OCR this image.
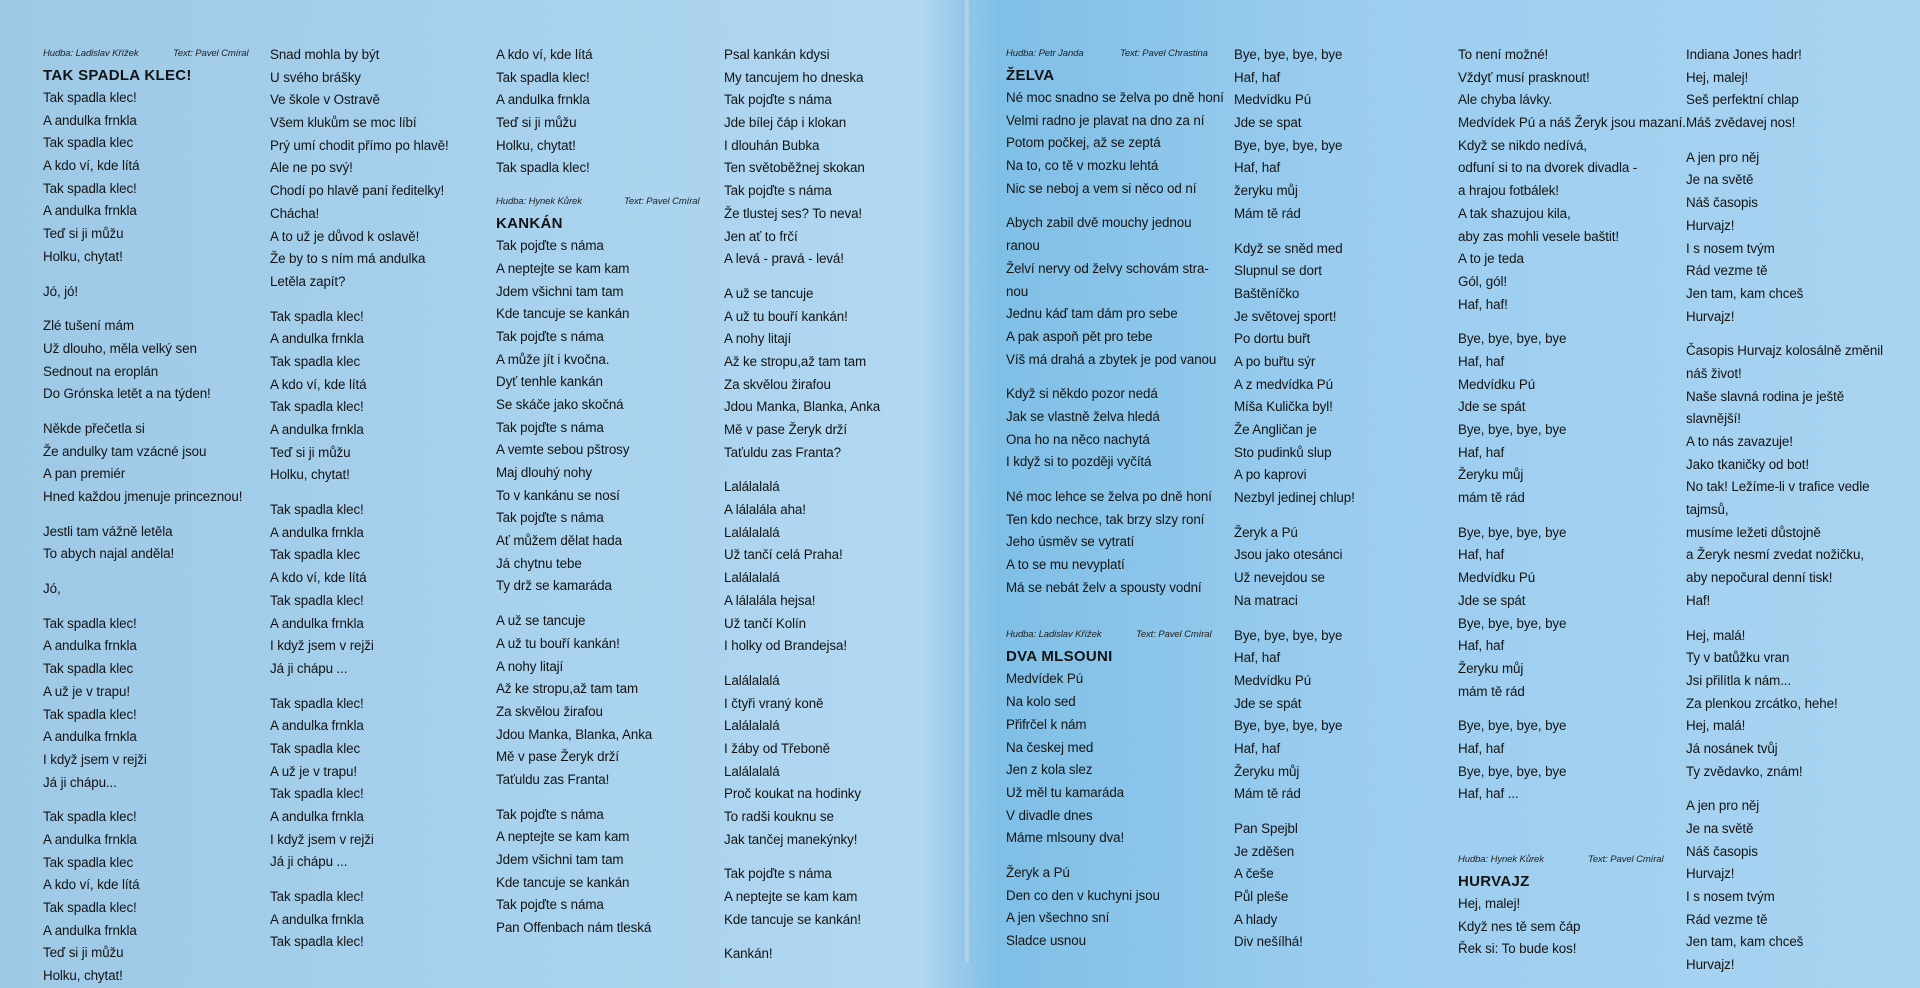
Hudba: Ladislav Křížek	Text: Pavel Cmíral
TAK SPADLA KLEC!
Tak spadla klec!
A andulka frnkla
Tak spadla klec
A kdo ví, kde lítá
Tak spadla klec!
A andulka frnkla
Teď si ji můžu
Holku, chytat!
Jó, jó!
Zlé tušení mám
Už dlouho, měla velký sen
Sednout na eroplán
Do Grónska letět a na týden!
Někde přečetla si
Že andulky tam vzácné jsou
A pan premiér
Hned každou jmenuje princeznou!
Jestli tam vážně letěla
To abych najal anděla!
Jó,
Tak spadla klec!
A andulka frnkla
Tak spadla klec
A už je v trapu!
Tak spadla klec!
A andulka frnkla
I když jsem v rejži
Já ji chápu...
Tak spadla klec!
A andulka frnkla
Tak spadla klec
A kdo ví, kde lítá
Tak spadla klec!
A andulka frnkla
Teď si ji můžu
Holku, chytat!
Snad mohla by být
U svého brášky
Ve škole v Ostravě
Všem klukům se moc líbí
Prý umí chodit přímo po hlavě!
Ale ne po svý!
Chodí po hlavě paní ředitelky!
Chácha!
A to už je důvod k oslavě!
Že by to s ním má andulka
Letěla zapít?
Tak spadla klec!
A andulka frnkla
Tak spadla klec
A kdo ví, kde lítá
Tak spadla klec!
A andulka frnkla
Teď si ji můžu
Holku, chytat!
Tak spadla klec!
A andulka frnkla
Tak spadla klec
A kdo ví, kde lítá
Tak spadla klec!
A andulka frnkla
I když jsem v rejži
Já ji chápu ...
Tak spadla klec!
A andulka frnkla
Tak spadla klec
A už je v trapu!
Tak spadla klec!
A andulka frnkla
I když jsem v rejži
Já ji chápu ...
Tak spadla klec!
A andulka frnkla
Tak spadla klec!
A kdo ví, kde lítá
Tak spadla klec!
A andulka frnkla
Teď si ji můžu
Holku, chytat!
Tak spadla klec!
Hudba: Hynek Kůrek	Text: Pavel Cmíral
KANKÁN
Tak pojďte s náma
A neptejte se kam kam
Jdem všichni tam tam
Kde tancuje se kankán
Tak pojďte s náma
A může jít i kvočna.
Dyť tenhle kankán
Se skáče jako skočná
Tak pojďte s náma
A vemte sebou pštrosy
Maj dlouhý nohy
To v kankánu se nosí
Tak pojďte s náma
Ať můžem dělat hada
Já chytnu tebe
Ty drž se kamaráda
A už se tancuje
A už tu bouří kankán!
A nohy litají
Až ke stropu,až tam tam
Za skvělou žirafou
Jdou Manka, Blanka, Anka
Mě v pase Žeryk drží
Taťuldu zas Franta!
Tak pojďte s náma
A neptejte se kam kam
Jdem všichni tam tam
Kde tancuje se kankán
Tak pojďte s náma
Pan Offenbach nám tleská
Psal kankán kdysi
My tancujem ho dneska
Tak pojďte s náma
Jde bílej čáp i klokan
I dlouhán Bubka
Ten světoběžnej skokan
Tak pojďte s náma
Že tlustej ses? To neva!
Jen ať to frčí
A levá - pravá - levá!
A už se tancuje
A už tu bouří kankán!
A nohy litají
Až ke stropu,až tam tam
Za skvělou žirafou
Jdou Manka, Blanka, Anka
Mě v pase Žeryk drží
Taťuldu zas Franta?
Lalálalalá
A lálalála aha!
Lalálalalá
Už tančí celá Praha!
Lalálalalá
A lálalála hejsa!
Už tančí Kolín
I holky od Brandejsa!
Lalálalalá
I čtyři vraný koně
Lalálalalá
I žáby od Třeboně
Lalálalalá
Proč koukat na hodinky
To radši kouknu se
Jak tančej manekýnky!
Tak pojďte s náma
A neptejte se kam kam
Kde tancuje se kankán!
Kankán!
Hudba: Petr Janda	Text: Pavel Chrastina
ŽELVA
Né moc snadno se želva po dně honí
Velmi radno je plavat na dno za ní
Potom počkej, až se zeptá
Na to, co tě v mozku lehtá
Nic se neboj a vem si něco od ní
Abych zabil dvě mouchy jednou
ranou
Želví nervy od želvy schovám stra-
nou
Jednu káď tam dám pro sebe
A pak aspoň pět pro tebe
Víš má drahá a zbytek je pod vanou
Když si někdo pozor nedá
Jak se vlastně želva hledá
Ona ho na něco nachytá
I když si to později vyčítá
Né moc lehce se želva po dně honí
Ten kdo nechce, tak brzy slzy roní
Jeho úsměv se vytratí
A to se mu nevyplatí
Má se nebát želv a spousty vodní
Hudba: Ladislav Křížek	Text: Pavel Cmíral
DVA MLSOUNI
Medvídek Pú
Na kolo sed
Přifrčel k nám
Na českej med
Jen z kola slez
Už měl tu kamaráda
V divadle dnes
Máme mlsouny dva!
Žeryk a Pú
Den co den v kuchyni jsou
A jen všechno sní
Sladce usnou
Bye, bye, bye, bye
Haf, haf
Medvídku Pú
Jde se spat
Bye, bye, bye, bye
Haf, haf
žeryku můj
Mám tě rád
Když se sněd med
Slupnul se dort
Baštěníčko
Je světovej sport!
Po dortu buřt
A po buřtu sýr
A z medvídka Pú
Míša Kulička byl!
Že Angličan je
Sto pudinků slup
A po kaprovi
Nezbyl jedinej chlup!
Žeryk a Pú
Jsou jako otesánci
Už nevejdou se
Na matraci
Bye, bye, bye, bye
Haf, haf
Medvídku Pú
Jde se spát
Bye, bye, bye, bye
Haf, haf
Žeryku můj
Mám tě rád
Pan Spejbl
Je zděšen
A češe
Půl pleše
A hlady
Div nešílhá!
To není možné!
Vždyť musí prasknout!
Ale chyba lávky.
Medvídek Pú a náš Žeryk jsou mazaní.
Když se nikdo nedívá,
odfuní si to na dvorek divadla -
a hrajou fotbálek!
A tak shazujou kila,
aby zas mohli vesele baštit!
A to je teda
Gól, gól!
Haf, haf!
Bye, bye, bye, bye
Haf, haf
Medvídku Pú
Jde se spát
Bye, bye, bye, bye
Haf, haf
Žeryku můj
mám tě rád
Bye, bye, bye, bye
Haf, haf
Medvídku Pú
Jde se spát
Bye, bye, bye, bye
Haf, haf
Žeryku můj
mám tě rád
Bye, bye, bye, bye
Haf, haf
Bye, bye, bye, bye
Haf, haf ...
Hudba: Hynek Kůrek	Text: Pavel Cmíral
HURVAJZ
Hej, malej!
Když nes tě sem čáp
Řek si: To bude kos!
Indiana Jones hadr!
Hej, malej!
Seš perfektní chlap
Máš zvědavej nos!
A jen pro něj
Je na světě
Náš časopis
Hurvajz!
I s nosem tvým
Rád vezme tě
Jen tam, kam chceš
Hurvajz!
Časopis Hurvajz kolosálně změnil
náš život!
Naše slavná rodina je ještě
slavnější!
A to nás zavazuje!
Jako tkaničky od bot!
No tak! Ležíme-li v trafice vedle
tajmsů,
musíme ležeti důstojně
a Žeryk nesmí zvedat nožičku,
aby nepočural denní tisk!
Haf!
Hej, malá!
Ty v batůžku vran
Jsi přilítla k nám...
Za plenkou zrcátko, hehe!
Hej, malá!
Já nosánek tvůj
Ty zvědavko, znám!
A jen pro něj
Je na světě
Náš časopis
Hurvajz!
I s nosem tvým
Rád vezme tě
Jen tam, kam chceš
Hurvajz!
